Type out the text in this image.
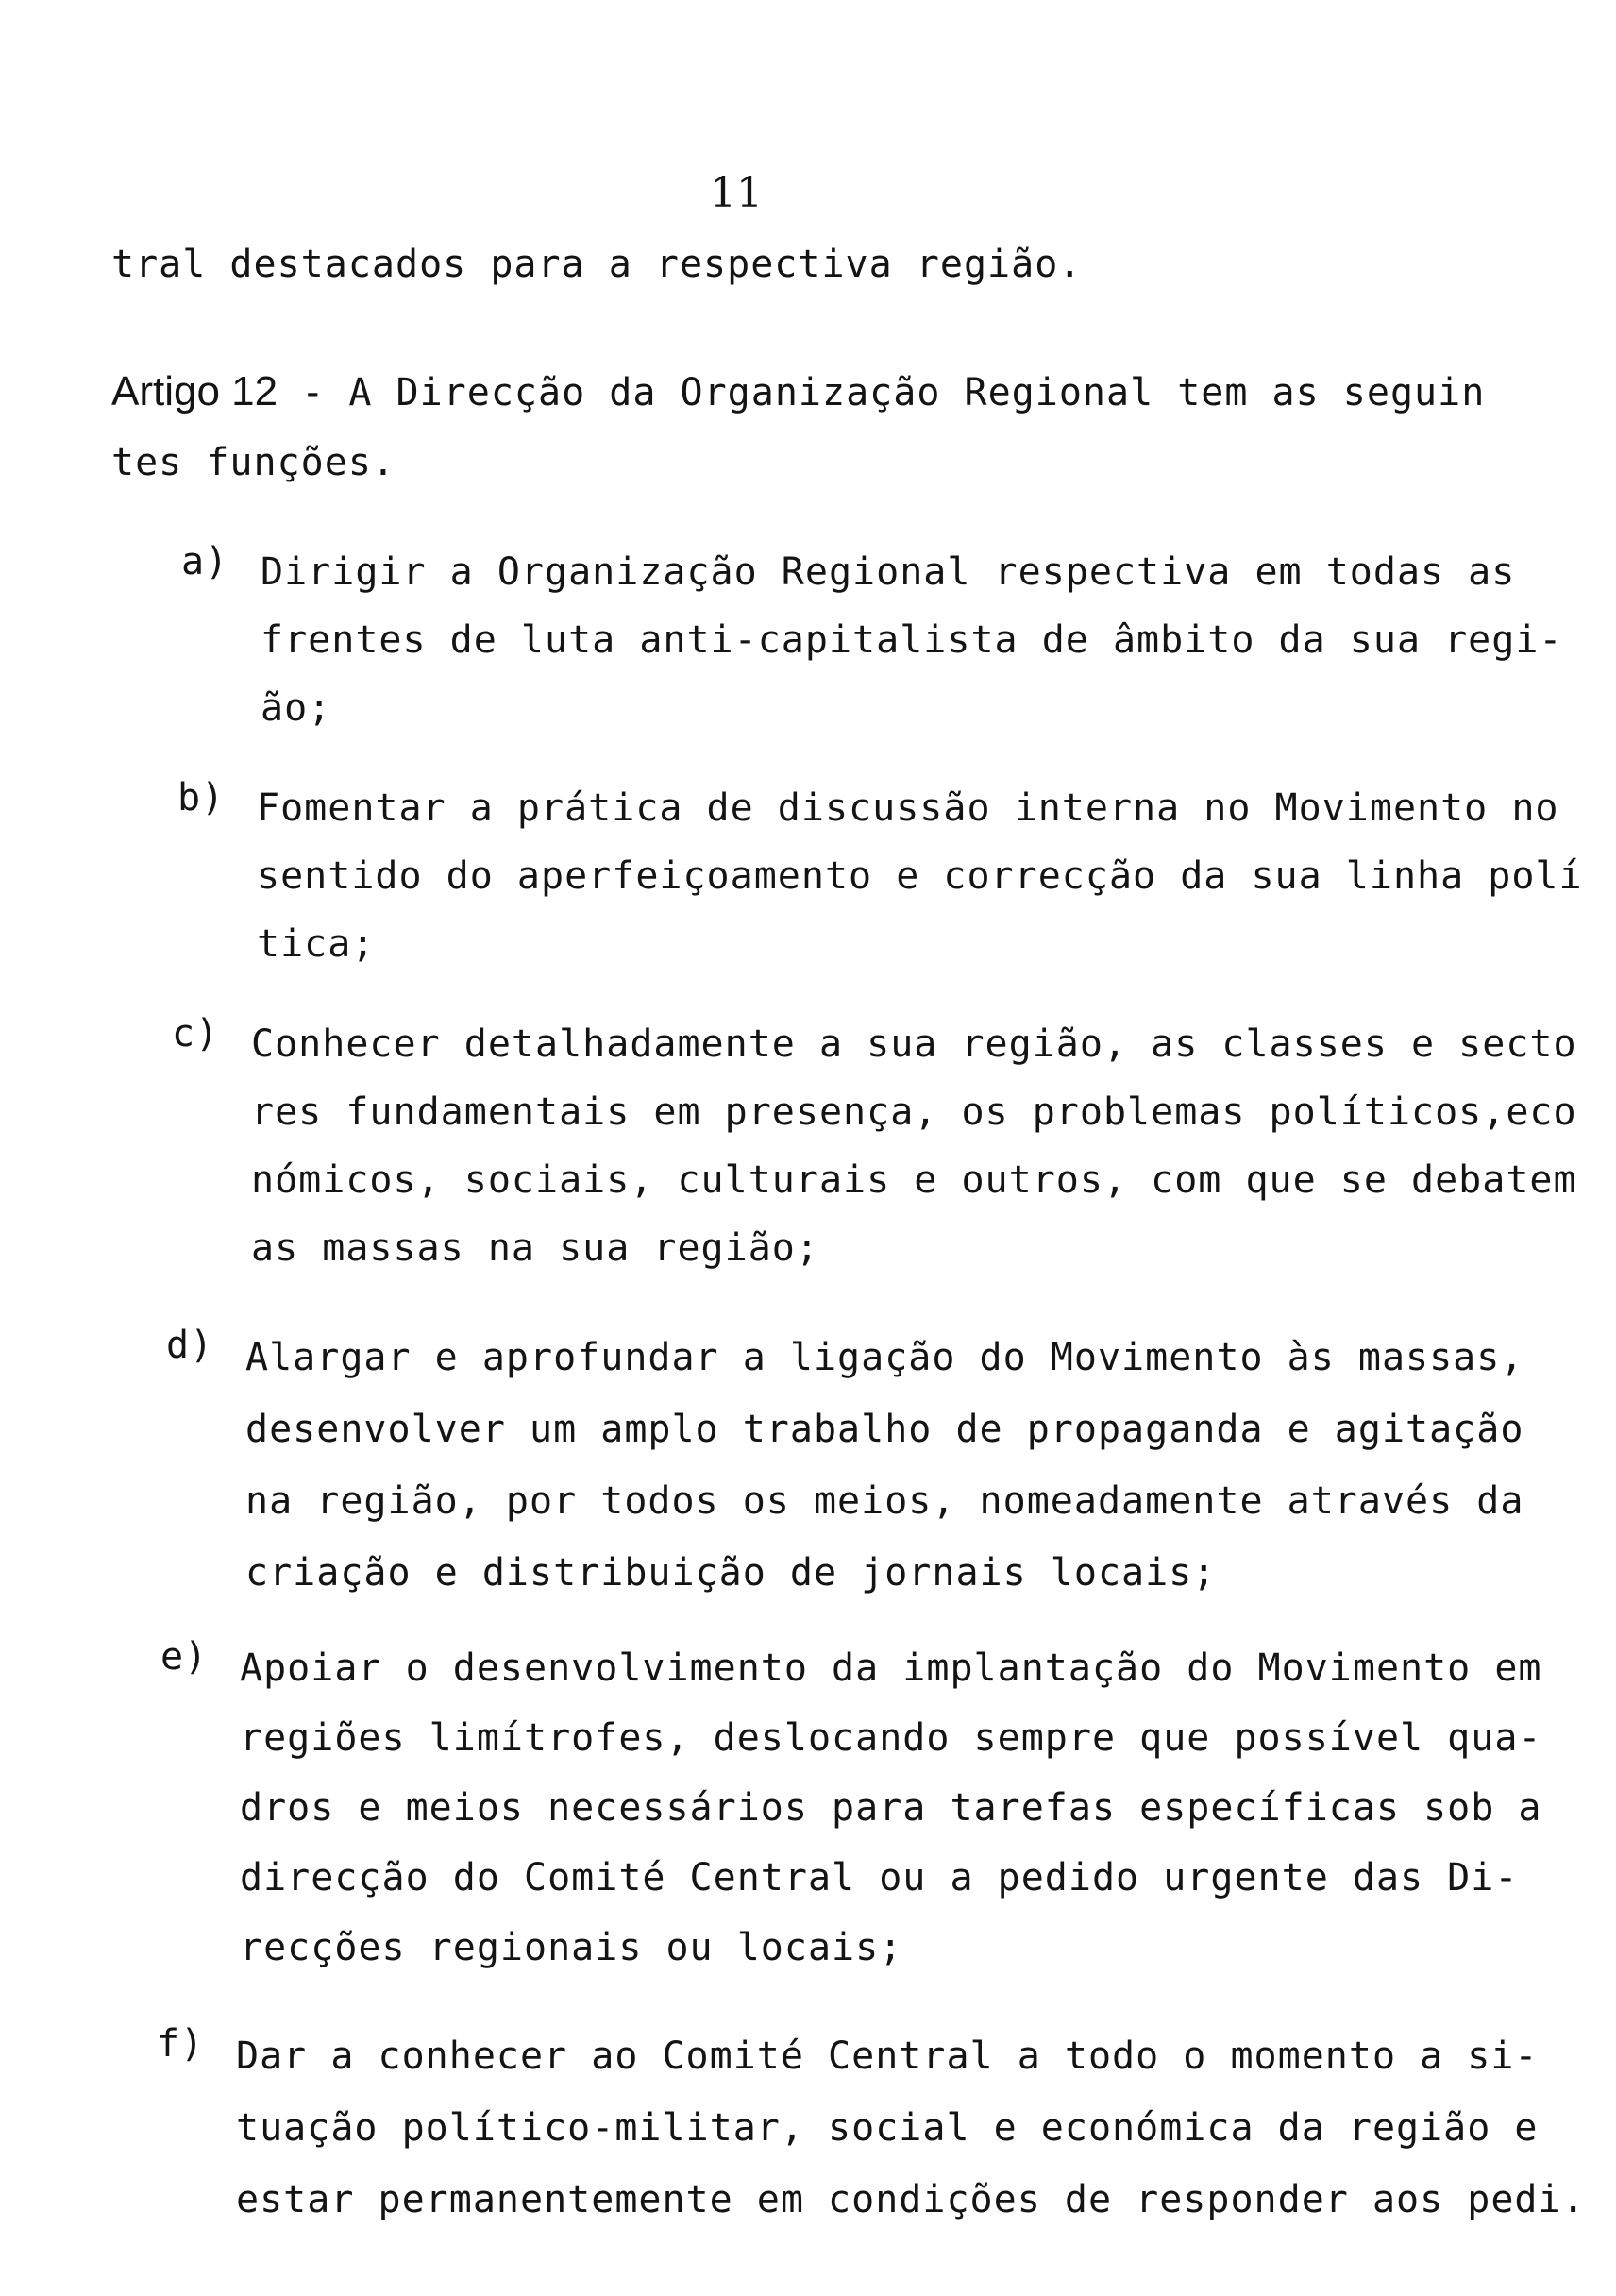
11
tral destacados para a respectiva região.
Artigo 12 - A Direcção da Organização Regional tem as seguin
tes funções.
a) Dirigir a Organização Regional respectiva em todas as
frentes de luta anti-capitalista de âmbito da sua regi-
ão;
b) Fomentar a prática de discussão interna no Movimento no
sentido do aperfeiçoamento e correcção da sua linha polí
tica;
c) Conhecer detalhadamente a sua região, as classes e secto
res fundamentais em presença, os problemas políticos,eco
nómicos, sociais, culturais e outros, com que se debatem
as massas na sua região;
d) Alargar e aprofundar a ligação do Movimento às massas,
desenvolver um amplo trabalho de propaganda e agitação
na região, por todos os meios, nomeadamente através da
criação e distribuição de jornais locais;
e) Apoiar o desenvolvimento da implantação do Movimento em
regiões limítrofes, deslocando sempre que possível qua-
dros e meios necessários para tarefas específicas sob a
direcção do Comité Central ou a pedido urgente das Di-
recções regionais ou locais;
f) Dar a conhecer ao Comité Central a todo o momento a si-
tuação político-militar, social e económica da região e
estar permanentemente em condições de responder aos pedi.
